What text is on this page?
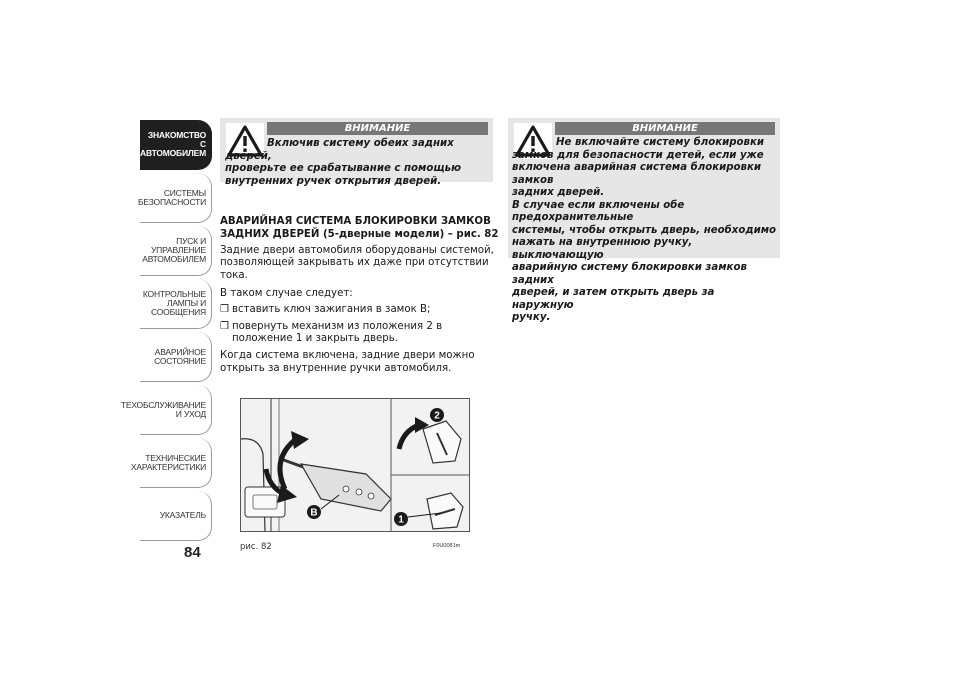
ЗНАКОМСТВО С
АВТОМОБИЛЕМ
СИСТЕМЫ
БЕЗОПАСНОСТИ
ПУСК И УПРАВЛЕНИЕ
АВТОМОБИЛЕМ
КОНТРОЛЬНЫЕ
ЛАМПЫ И
СООБЩЕНИЯ
АВАРИЙНОЕ
СОСТОЯНИЕ
ТЕХОБСЛУЖИВАНИЕ
И УХОД
ТЕХНИЧЕСКИЕ
ХАРАКТЕРИСТИКИ
УКАЗАТЕЛЬ
84
ВНИМАНИЕ
Включив систему обеих задних дверей,
проверьте ее срабатывание с помощью
внутренних ручек открытия дверей.
АВАРИЙНАЯ СИСТЕМА БЛОКИРОВКИ ЗАМКОВ ЗАДНИХ ДВЕРЕЙ (5-дверные модели) – рис. 82

Задние двери автомобиля оборудованы системой, позволяющей закрывать их даже при отсутствии тока.

В таком случае следует:

❒ вставить ключ зажигания в замок B;
❒ повернуть механизм из положения 2 в положение 1 и закрыть дверь.

Когда система включена, задние двери можно открыть за внутренние ручки автомобиля.

B
2
1
рис. 82	F0U0081m
ВНИМАНИЕ
Не включайте систему блокировки
замков для безопасности детей, если уже
включена аварийная система блокировки замков
задних дверей.
В случае если включены обе предохранительные
системы, чтобы открыть дверь, необходимо
нажать на внутреннюю ручку, выключающую
аварийную систему блокировки замков задних
дверей, и затем открыть дверь за наружную
ручку.
